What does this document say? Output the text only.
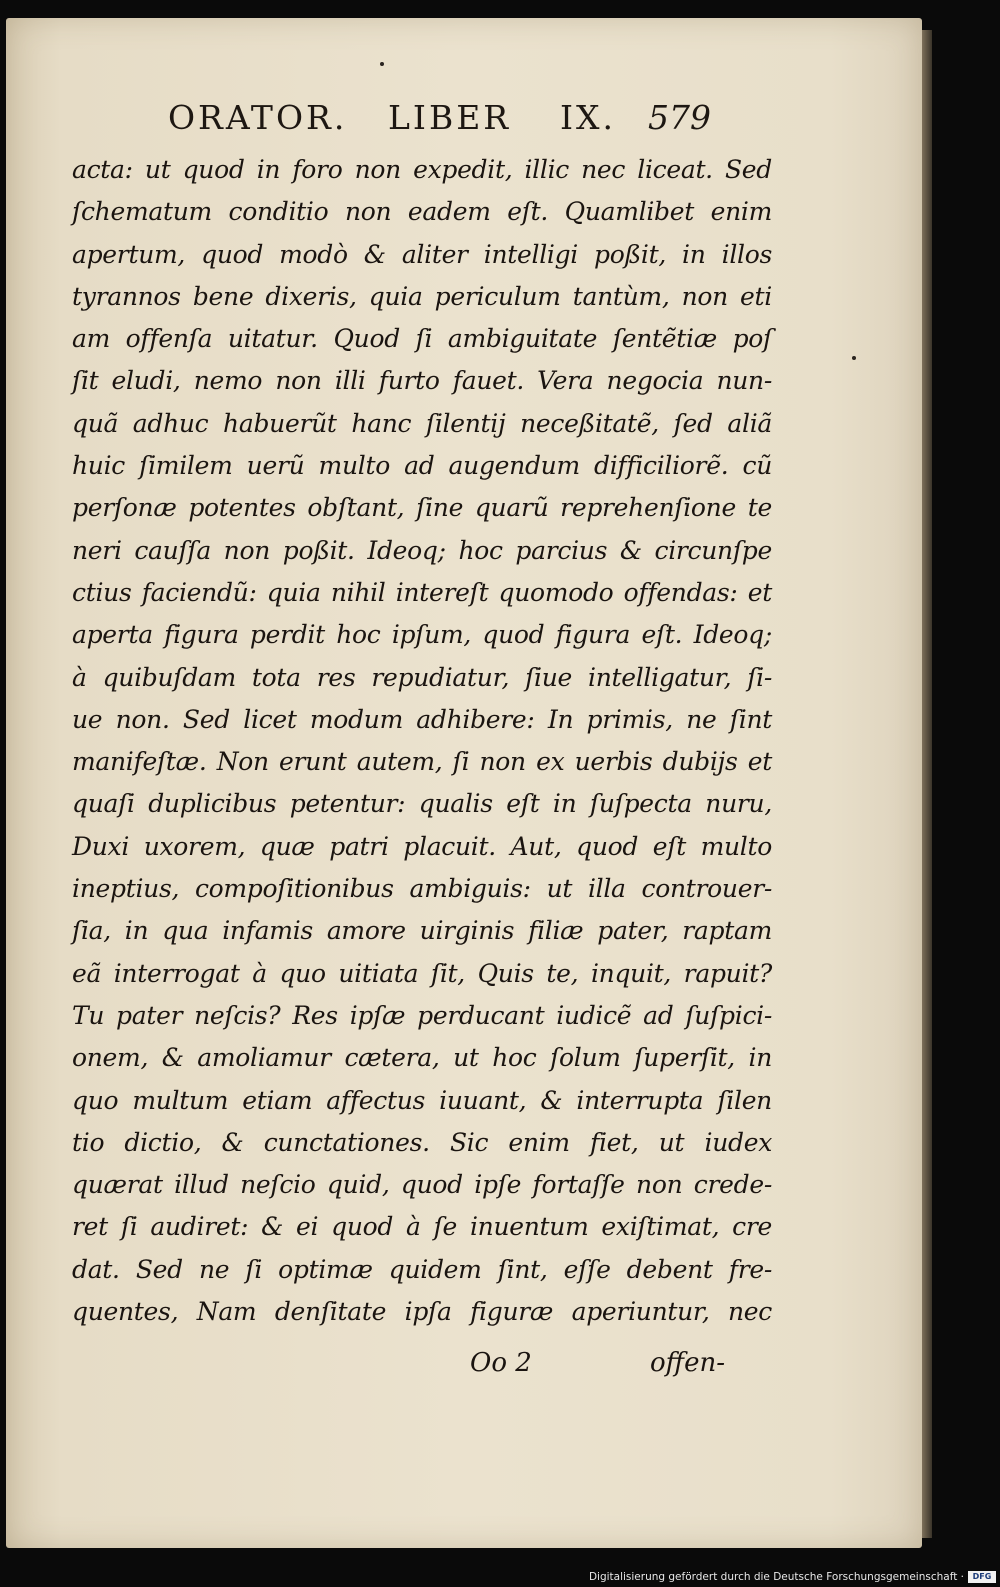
ORATOR. LIBER IX. 579
acta: ut quod in foro non expedit, illic nec liceat. Sed
ſchematum conditio non eadem eſt. Quamlibet enim
apertum, quod modò & aliter intelligi poßit, in illos
tyrannos bene dixeris, quia periculum tantùm, non eti
am offenſa uitatur. Quod ſi ambiguitate ſentẽtiæ poſ
ſit eludi, nemo non illi furto fauet. Vera negocia nun-
quã adhuc habuerũt hanc ſilentij neceßitatẽ, ſed aliã
huic ſimilem uerũ multo ad augendum difficiliorẽ. cũ
perſonæ potentes obſtant, ſine quarũ reprehenſione te
neri cauſſa non poßit. Ideoq; hoc parcius & circunſpe
ctius faciendũ: quia nihil intereſt quomodo offendas: et
aperta figura perdit hoc ipſum, quod figura eſt. Ideoq;
à quibuſdam tota res repudiatur, ſiue intelligatur, ſi-
ue non. Sed licet modum adhibere: In primis, ne ſint
manifeſtæ. Non erunt autem, ſi non ex uerbis dubijs et
quaſi duplicibus petentur: qualis eſt in ſuſpecta nuru,
Duxi uxorem, quæ patri placuit. Aut, quod eſt multo
ineptius, compoſitionibus ambiguis: ut illa controuer-
ſia, in qua infamis amore uirginis filiæ pater, raptam
eã interrogat à quo uitiata ſit, Quis te, inquit, rapuit?
Tu pater neſcis? Res ipſæ perducant iudicẽ ad ſuſpici-
onem, & amoliamur cætera, ut hoc ſolum ſuperſit, in
quo multum etiam affectus iuuant, & interrupta ſilen
tio dictio, & cunctationes. Sic enim fiet, ut iudex
quærat illud neſcio quid, quod ipſe fortaſſe non crede-
ret ſi audiret: & ei quod à ſe inuentum exiſtimat, cre
dat. Sed ne ſi optimæ quidem ſint, eſſe debent fre-
quentes, Nam denſitate ipſa figuræ aperiuntur, nec
Oo 2	offen-
Digitalisierung gefördert durch die Deutsche Forschungsgemeinschaft ·	DFG
